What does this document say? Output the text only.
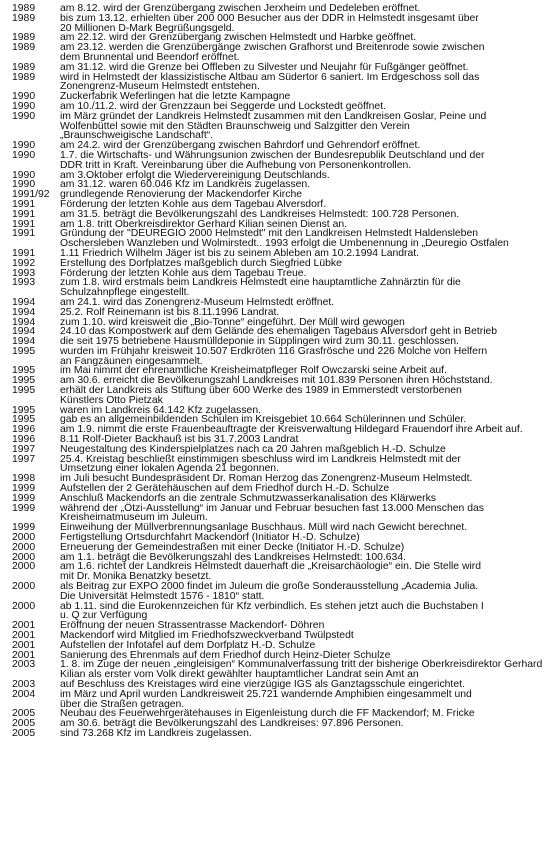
1989	am 8.12. wird der Grenzübergang zwischen Jerxheim und Dedeleben eröffnet.
1989	bis zum 13.12. erhielten über 200 000 Besucher aus der DDR in Helmstedt insgesamt über
20 Millionen D-Mark Begrüßungsgeld.
1989	am 22.12. wird der Grenzübergang zwischen Helmstedt und Harbke geöffnet.
1989	am 23.12. werden die Grenzübergänge zwischen Grafhorst und Breitenrode sowie zwischen
dem Brunnental und Beendorf eröffnet.
1989	am 31.12. wird die Grenze bei Offleben zu Silvester und Neujahr für Fußgänger geöffnet.
1989	wird in Helmstedt der klassizistische Altbau am Südertor 6 saniert. Im Erdgeschoss soll das
Zonengrenz-Museum Helmstedt entstehen.
1990	Zuckerfabrik Weferlingen hat die letzte Kampagne
1990	am 10./11.2. wird der Grenzzaun bei Seggerde und Lockstedt geöffnet.
1990	im März gründet der Landkreis Helmstedt zusammen mit den Landkreisen Goslar, Peine und
Wolfenbüttel sowie mit den Städten Braunschweig und Salzgitter den Verein
„Braunschweigische Landschaft“.
1990	am 24.2. wird der Grenzübergang zwischen Bahrdorf und Gehrendorf eröffnet.
1990	1.7. die Wirtschafts- und Währungsunion zwischen der Bundesrepublik Deutschland und der
DDR tritt in Kraft. Vereinbarung über die Aufhebung von Personenkontrollen.
1990	am 3.Oktober erfolgt die Wiedervereinigung Deutschlands.
1990	am 31.12. waren 60.046 Kfz im Landkreis zugelassen.
1991/92	grundlegende Renovierung der Mackendorfer Kirche
1991	Förderung der letzten Kohle aus dem Tagebau Alversdorf.
1991	am 31.5. beträgt die Bevölkerungszahl des Landkreises Helmstedt: 100.728 Personen.
1991	am 1.8. tritt Oberkreisdirektor Gerhard Kilian seinen Dienst an.
1991	Gründung der "DEUREGIO 2000 Helmstedt" mit den Landkreisen Helmstedt Haldensleben
Oschersleben Wanzleben und Wolmirstedt.. 1993 erfolgt die Umbenennung in „Deuregio Ostfalen
1991	1.11 Friedrich Wilhelm Jäger ist bis zu seinem Ableben am 10.2.1994 Landrat.
1992	Erstellung des Dorfplatzes maßgeblich durch Siegfried Lübke
1993	Förderung der letzten Kohle aus dem Tagebau Treue.
1993	zum 1.8. wird erstmals beim Landkreis Helmstedt eine hauptamtliche Zahnärztin für die
Schulzahnpflege eingestellt.
1994	am 24.1. wird das Zonengrenz-Museum Helmstedt eröffnet.
1994	25.2. Rolf Reinemann ist bis 8.11.1996 Landrat.
1994	zum 1.10. wird kreisweit die „Bio-Tonne“ eingeführt. Der Müll wird gewogen
1994	24.10 das Kompostwerk auf dem Gelände des ehemaligen Tagebaus Alversdorf geht in Betrieb
1994	die seit 1975 betriebene Hausmülldeponie in Süpplingen wird zum 30.11. geschlossen.
1995	wurden im Frühjahr kreisweit 10.507 Erdkröten 116 Grasfrösche und 226 Molche von Helfern
an Fangzäunen eingesammelt.
1995	im Mai nimmt der ehrenamtliche Kreisheimatpfleger Rolf Owczarski seine Arbeit auf.
1995	am 30.6. erreicht die Bevölkerungszahl Landkreises mit 101.839 Personen ihren Höchststand.
1995	erhält der Landkreis als Stiftung über 600 Werke des 1989 in Emmerstedt verstorbenen
Künstlers Otto Pietzak
1995	waren im Landkreis 64.142 Kfz zugelassen.
1995	gab es an allgemeinbildenden Schulen im Kreisgebiet 10.664 Schülerinnen und Schüler.
1996	am 1.9. nimmt die erste Frauenbeauftragte der Kreisverwaltung Hildegard Frauendorf ihre Arbeit auf.
1996	8.11 Rolf-Dieter Backhauß ist bis 31.7.2003 Landrat
1997	Neugestaltung des Kinderspielplatzes nach ca 20 Jahren maßgeblich H.-D. Schulze
1997	25.4. Kreistag beschließt einstimmigen sbeschluss wird im Landkreis Helmstedt mit der
Umsetzung einer lokalen Agenda 21 begonnen.
1998	im Juli besucht Bundespräsident Dr. Roman Herzog das Zonengrenz-Museum Helmstedt.
1999	Aufstellen der 2 Gerätehäuschen auf dem Friedhof durch H.-D. Schulze
1999	Anschluß Mackendorfs an die zentrale Schmutzwasserkanalisation des Klärwerks
1999	während der „Ötzi-Ausstellung“ im Januar und Februar besuchen fast 13.000 Menschen das
Kreisheimatmuseum im Juleum.
1999	Einweihung der Müllverbrennungsanlage Buschhaus. Müll wird nach Gewicht berechnet.
2000	Fertigstellung Ortsdurchfahrt Mackendorf (Initiator H.-D. Schulze)
2000	Erneuerung der Gemeindestraßen mit einer Decke (Initiator H.-D. Schulze)
2000	am 1.1. beträgt die Bevölkerungszahl des Landkreises Helmstedt: 100.634.
2000	am 1.6. richtet der Landkreis Helmstedt dauerhaft die „Kreisarchäologie“ ein. Die Stelle wird
mit Dr. Monika Benatzky besetzt.
2000	als Beitrag zur EXPO 2000 findet im Juleum die große Sonderausstellung „Academia Julia.
Die Universität Helmstedt 1576 - 1810“ statt.
2000	ab 1.11. sind die Eurokennzeichen für Kfz verbindlich. Es stehen jetzt auch die Buchstaben I
u. Q zur Verfügung
2001	Eröffnung der neuen Strassentrasse Mackendorf- Döhren
2001	Mackendorf wird Mitglied im Friedhofszweckverband Twülpstedt
2001	Aufstellen der Infotafel auf dem Dorfplatz H.-D. Schulze
2001	Sanierung des Ehrenmals auf dem Friedhof durch Heinz-Dieter Schulze
2003	1. 8. im Zuge der neuen „eingleisigen“ Kommunalverfassung tritt der bisherige Oberkreisdirektor Gerhard
Kilian als erster vom Volk direkt gewählter hauptamtlicher Landrat sein Amt an
2003	auf Beschluss des Kreistages wird eine vierzügige IGS als Ganztagsschule eingerichtet.
2004	im März und April wurden Landkreisweit 25.721 wandernde Amphibien eingesammelt und
über die Straßen getragen.
2005	Neubau des Feuerwehrgerätehauses in Eigenleistung durch die FF Mackendorf; M. Fricke
2005	am 30.6. beträgt die Bevölkerungszahl des Landkreises: 97.896 Personen.
2005	sind 73.268 Kfz im Landkreis zugelassen.
